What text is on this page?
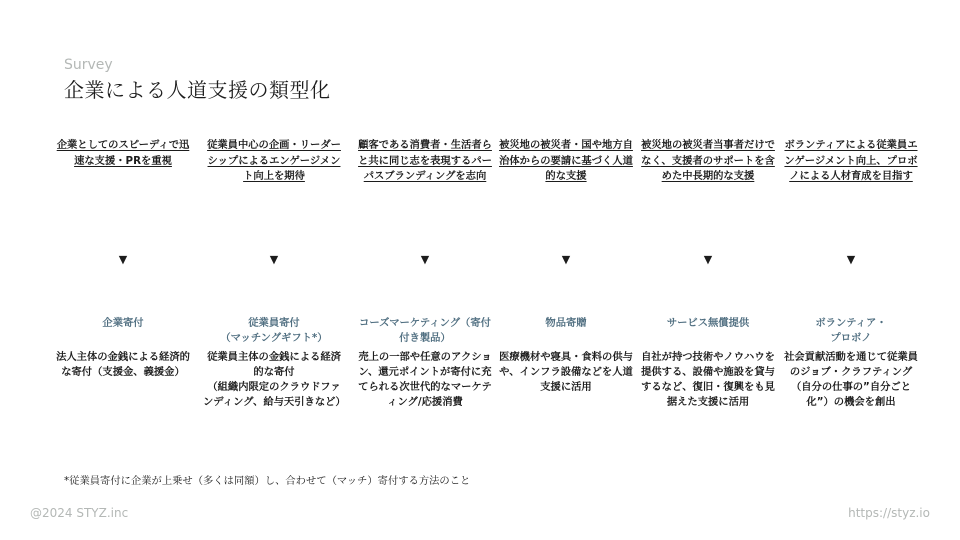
Survey
企業による人道支援の類型化
企業としてのスピーディで迅速な支援・PRを重視
▼
企業寄付
法人主体の金銭による経済的な寄付（支援金、義援金）
従業員中心の企画・リーダーシップによるエンゲージメント向上を期待
▼
従業員寄付
（マッチングギフト*）
従業員主体の金銭による経済的な寄付
（組織内限定のクラウドファンディング、給与天引きなど）
顧客である消費者・生活者らと共に同じ志を表現するパーパスブランディングを志向
▼
コーズマーケティング（寄付付き製品）
売上の一部や任意のアクション、還元ポイントが寄付に充てられる次世代的なマーケティング/応援消費
被災地の被災者・国や地方自治体からの要請に基づく人道的な支援
▼
物品寄贈
医療機材や寝具・食料の供与や、インフラ設備などを人道支援に活用
被災地の被災者当事者だけでなく、支援者のサポートを含めた中長期的な支援
▼
サービス無償提供
自社が持つ技術やノウハウを提供する、設備や施設を貸与するなど、復旧・復興をも見据えた支援に活用
ボランティアによる従業員エンゲージメント向上、プロボノによる人材育成を目指す
▼
ボランティア・
プロボノ
社会貢献活動を通じて従業員のジョブ・クラフティング（自分の仕事の”自分ごと化”）の機会を創出
*従業員寄付に企業が上乗せ（多くは同額）し、合わせて（マッチ）寄付する方法のこと
@2024 STYZ.inc	https://styz.io
